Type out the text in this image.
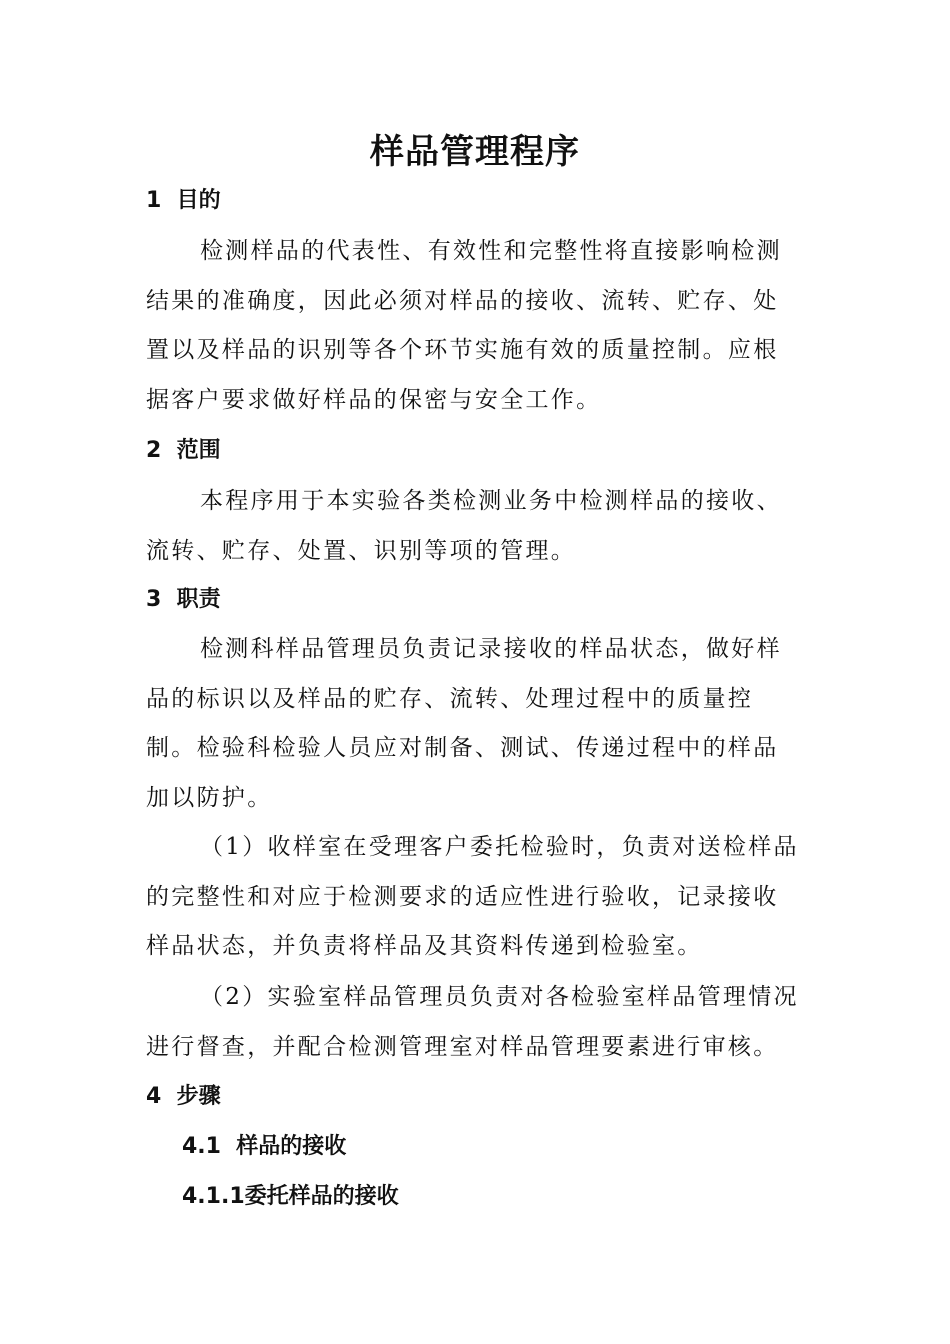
样品管理程序
1  目的
检测样品的代表性、有效性和完整性将直接影响检测结果的准确度，因此必须对样品的接收、流转、贮存、处置以及样品的识别等各个环节实施有效的质量控制。应根据客户要求做好样品的保密与安全工作。
2  范围
本程序用于本实验各类检测业务中检测样品的接收、流转、贮存、处置、识别等项的管理。
3  职责
检测科样品管理员负责记录接收的样品状态，做好样品的标识以及样品的贮存、流转、处理过程中的质量控制。检验科检验人员应对制备、测试、传递过程中的样品加以防护。
（1）收样室在受理客户委托检验时，负责对送检样品的完整性和对应于检测要求的适应性进行验收，记录接收样品状态，并负责将样品及其资料传递到检验室。
（2）实验室样品管理员负责对各检验室样品管理情况进行督查，并配合检测管理室对样品管理要素进行审核。
4  步骤
4.1  样品的接收
4.1.1委托样品的接收
